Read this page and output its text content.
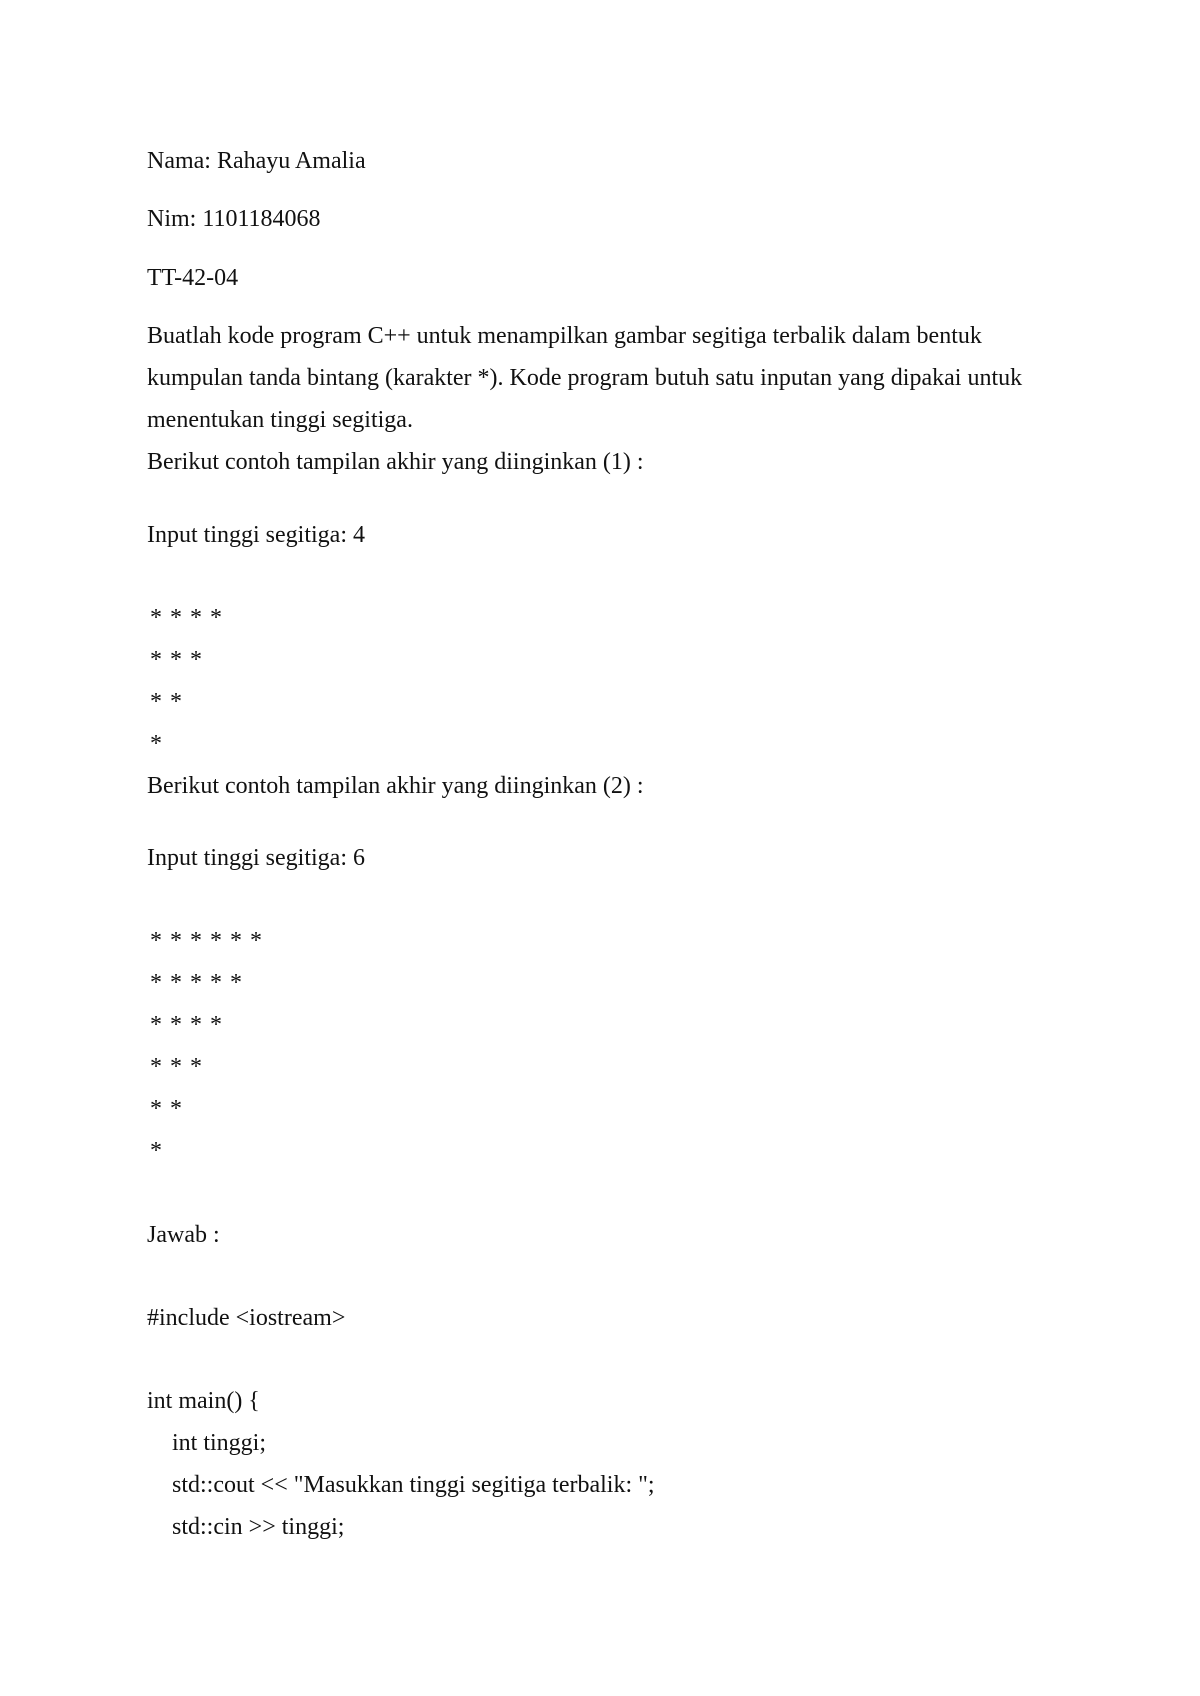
Nama: Rahayu Amalia
Nim: 1101184068
TT-42-04
Buatlah kode program C++ untuk menampilkan gambar segitiga terbalik dalam bentuk
kumpulan tanda bintang (karakter *). Kode program butuh satu inputan yang dipakai untuk
menentukan tinggi segitiga.
Berikut contoh tampilan akhir yang diinginkan (1) :
Input tinggi segitiga: 4
* * * *
* * *
* *
*
Berikut contoh tampilan akhir yang diinginkan (2) :
Input tinggi segitiga: 6
* * * * * *
* * * * *
* * * *
* * *
* *
*
Jawab :
#include <iostream>
int main() {
int tinggi;
std::cout << "Masukkan tinggi segitiga terbalik: ";
std::cin >> tinggi;
